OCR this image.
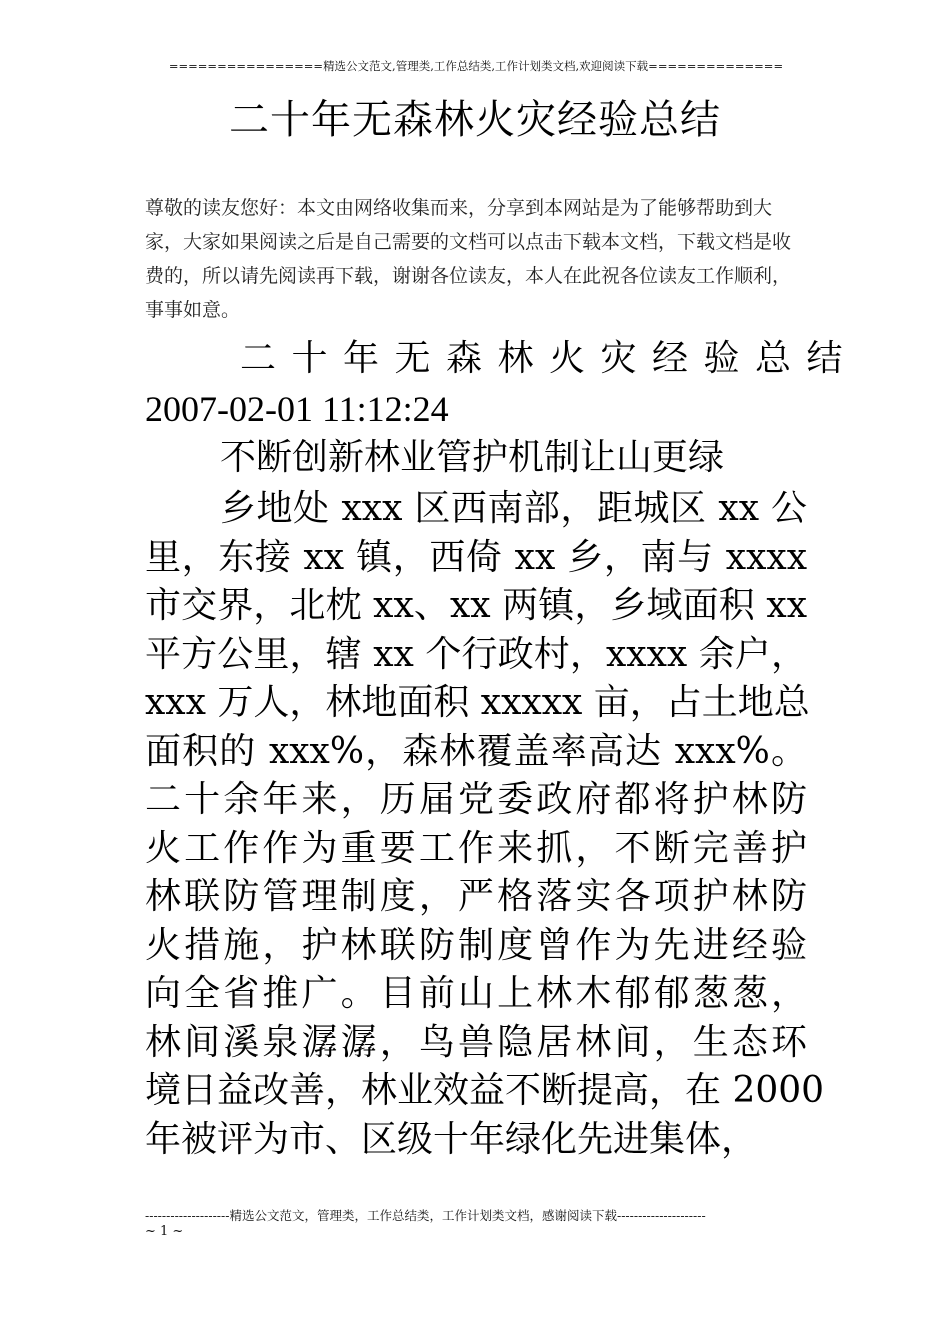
================精选公文范文,管理类,工作总结类,工作计划类文档,欢迎阅读下载==============
二十年无森林火灾经验总结
尊敬的读友您好：本文由网络收集而来，分享到本网站是为了能够帮助到大家，大家如果阅读之后是自己需要的文档可以点击下载本文档，下载文档是收费的，所以请先阅读再下载，谢谢各位读友，本人在此祝各位读友工作顺利，事事如意。
二十年无森林火灾经验总结
2007-02-01 11:12:24
不断创新林业管护机制让山更绿
乡地处 xxx 区西南部，距城区 xx 公
里，东接 xx 镇，西倚 xx 乡，南与 xxxx
市交界，北枕 xx、xx 两镇，乡域面积 xx
平方公里，辖 xx 个行政村，xxxx 余户，
xxx 万人，林地面积 xxxxx 亩，占土地总
面积的 xxx%，森林覆盖率高达 xxx%。
二十余年来，历届党委政府都将护林防
火工作作为重要工作来抓，不断完善护
林联防管理制度，严格落实各项护林防
火措施，护林联防制度曾作为先进经验
向全省推广。目前山上林木郁郁葱葱，
林间溪泉潺潺，鸟兽隐居林间，生态环
境日益改善，林业效益不断提高，在 2000
年被评为市、区级十年绿化先进集体，
--------------------精选公文范文，管理类，工作总结类，工作计划类文档，感谢阅读下载---------------------
~ 1 ~
